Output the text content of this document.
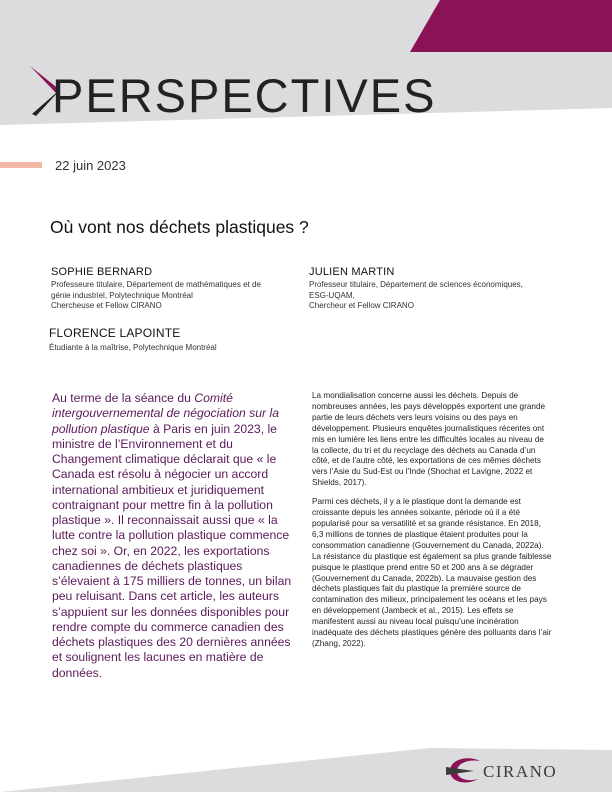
PERSPECTIVES
22 juin 2023
Où vont nos déchets plastiques ?
SOPHIE BERNARD
Professeure titulaire, Département de mathématiques et de
génie industriel, Polytechnique Montréal
Chercheuse et Fellow CIRANO
JULIEN MARTIN
Professeur titulaire, Département de sciences économiques,
ESG-UQAM,
Chercheur et Fellow CIRANO
FLORENCE LAPOINTE
Étudiante à la maîtrise, Polytechnique Montréal
Au terme de la séance du Comité intergouvernemental de négociation sur la pollution plastique à Paris en juin 2023, le ministre de l’Environnement et du Changement climatique déclarait que « le Canada est résolu à négocier un accord international ambitieux et juridiquement contraignant pour mettre fin à la pollution plastique ». Il reconnaissait aussi que « la lutte contre la pollution plastique commence chez soi ». Or, en 2022, les exportations canadiennes de déchets plastiques s’élevaient à 175 milliers de tonnes, un bilan peu reluisant. Dans cet article, les auteurs s’appuient sur les données disponibles pour rendre compte du commerce canadien des déchets plastiques des 20 dernières années et soulignent les lacunes en matière de données.

La mondialisation concerne aussi les déchets. Depuis de nombreuses années, les pays développés exportent une grande partie de leurs déchets vers leurs voisins ou des pays en développement. Plusieurs enquêtes journalistiques récentes ont mis en lumière les liens entre les difficultés locales au niveau de la collecte, du tri et du recyclage des déchets au Canada d’un côté, et de l’autre côté, les exportations de ces mêmes déchets vers l’Asie du Sud-Est ou l’Inde (Shochat et Lavigne, 2022 et Shields, 2017).

Parmi ces déchets, il y a le plastique dont la demande est croissante depuis les années soixante, période où il a été popularisé pour sa versatilité et sa grande résistance. En 2018, 6,3 millions de tonnes de plastique étaient produites pour la consommation canadienne (Gouvernement du Canada, 2022a). La résistance du plastique est également sa plus grande faiblesse puisque le plastique prend entre 50 et 200 ans à se dégrader (Gouvernement du Canada, 2022b). La mauvaise gestion des déchets plastiques fait du plastique la première source de contamination des milieux, principalement les océans et les pays en développement (Jambeck et al., 2015). Les effets se manifestent aussi au niveau local puisqu’une incinération inadéquate des déchets plastiques génère des polluants dans l’air (Zhang, 2022).

CIRANO
